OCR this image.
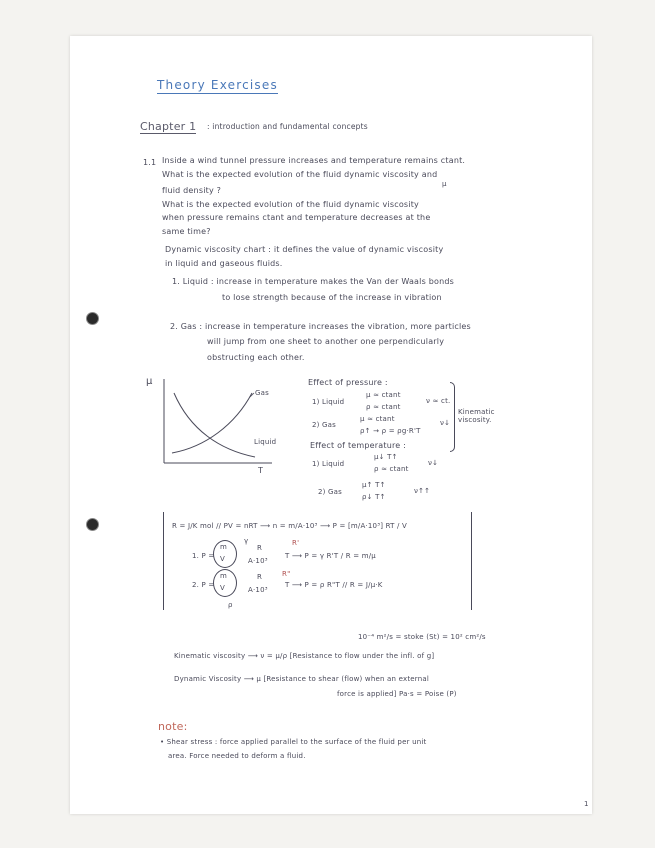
Theory Exercises
Chapter 1 : introduction and fundamental concepts
1.1 Inside a wind tunnel pressure increases and temperature remains ctant.
What is the expected evolution of the fluid dynamic viscosity and
μ
fluid density ?
What is the expected evolution of the fluid dynamic viscosity
when pressure remains ctant and temperature decreases at the
same time?
Dynamic viscosity chart : it defines the value of dynamic viscosity
in liquid and gaseous fluids.
1. Liquid : increase in temperature makes the Van der Waals bonds
to lose strength because of the increase in vibration
2. Gas : increase in temperature increases the vibration, more particles
will jump from one sheet to another one perpendicularly
obstructing each other.
μ
T
Gas
Liquid
Effect of pressure :
1) Liquid
μ ≈ ctant
ρ ≈ ctant
ν ≈ ct.
2) Gas
μ ≈ ctant
ρ↑ → ρ = ρg·R'T
ν↓
Kinematic viscosity.
Effect of temperature :
1) Liquid
μ↓ T↑
ρ ≈ ctant
ν↓
2) Gas
μ↑ T↑
ρ↓ T↑
ν↑↑
R = J/K mol // PV = nRT ⟶ n = m/A·10³ ⟶ P = [m/A·10³] RT / V
γ	R'
1. P =
m
V
R
A·10³
T ⟶ P = γ R'T / R = m/μ
R"
2. P =
m
V
R
A·10³
T ⟶ P = ρ R"T // R = J/μ·K
ρ
10⁻⁴ m²/s = stoke (St) = 10² cm²/s
Kinematic viscosity ⟶ ν = μ/ρ [Resistance to flow under the infl. of g]
Dynamic Viscosity ⟶ μ [Resistance to shear (flow) when an external
force is applied] Pa·s = Poise (P)
note:
• Shear stress : force applied parallel to the surface of the fluid per unit
area. Force needed to deform a fluid.
1
